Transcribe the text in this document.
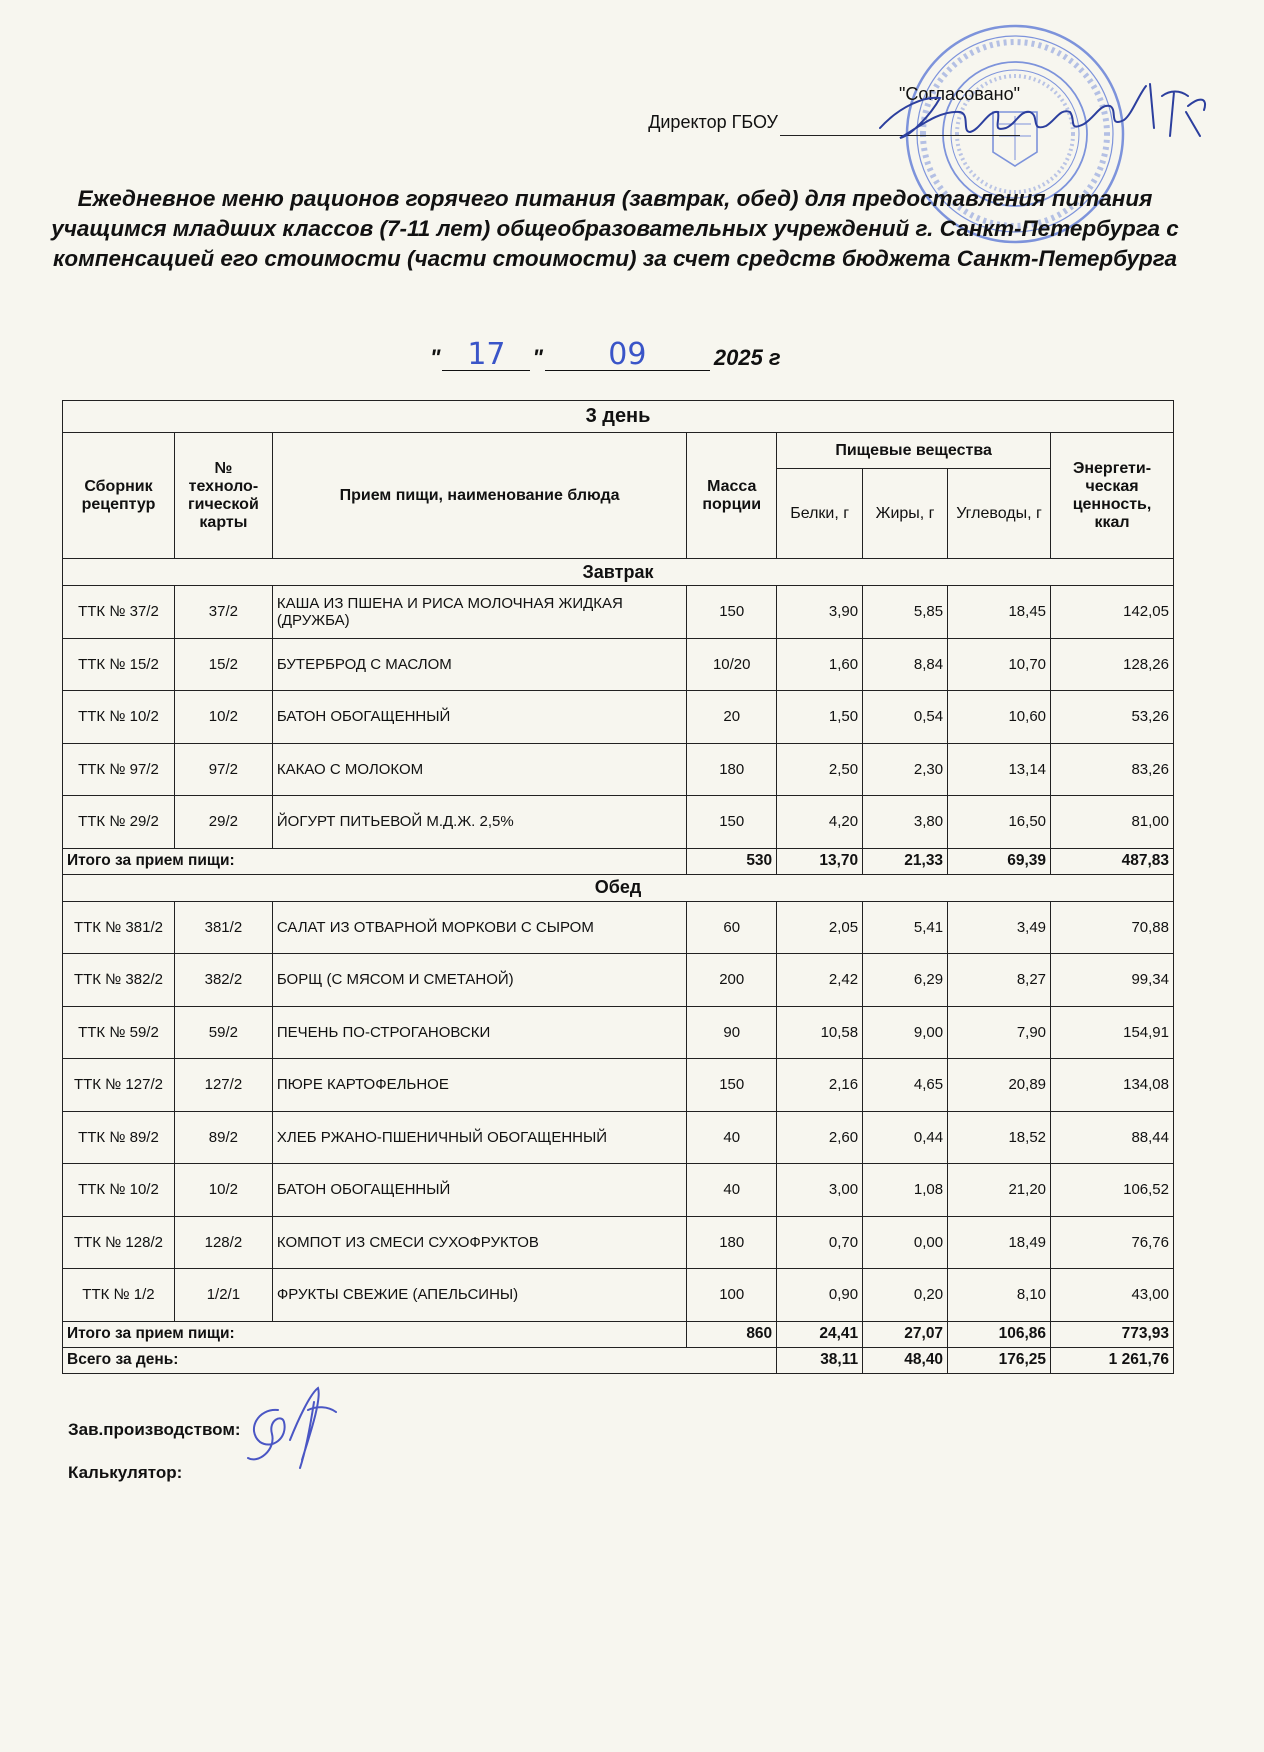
"Согласовано"
Директор ГБОУ
Ежедневное меню рационов горячего питания (завтрак, обед) для предоставления питания учащимся младших классов (7-11 лет) общеобразовательных учреждений г. Санкт-Петербурга с компенсацией его стоимости (части стоимости) за счет средств бюджета Санкт-Петербурга
" 17	"	09	2025 г
3 день							
Сборник рецептур	№ техноло-гической карты	Прием пищи, наименование блюда	Масса порции	Пищевые вещества			Энергети-ческая ценность, ккал
				Белки, г	Жиры, г	Углеводы, г	
Завтрак							
ТТК № 37/2	37/2	КАША ИЗ ПШЕНА И РИСА МОЛОЧНАЯ ЖИДКАЯ (ДРУЖБА)	150	3,90	5,85	18,45	142,05
ТТК № 15/2	15/2	БУТЕРБРОД С МАСЛОМ	10/20	1,60	8,84	10,70	128,26
ТТК № 10/2	10/2	БАТОН ОБОГАЩЕННЫЙ	20	1,50	0,54	10,60	53,26
ТТК № 97/2	97/2	КАКАО С МОЛОКОМ	180	2,50	2,30	13,14	83,26
ТТК № 29/2	29/2	ЙОГУРТ ПИТЬЕВОЙ М.Д.Ж. 2,5%	150	4,20	3,80	16,50	81,00
Итого за прием пищи:			530	13,70	21,33	69,39	487,83
Обед							
ТТК № 381/2	381/2	САЛАТ ИЗ ОТВАРНОЙ МОРКОВИ С СЫРОМ	60	2,05	5,41	3,49	70,88
ТТК № 382/2	382/2	БОРЩ (С МЯСОМ И СМЕТАНОЙ)	200	2,42	6,29	8,27	99,34
ТТК № 59/2	59/2	ПЕЧЕНЬ ПО-СТРОГАНОВСКИ	90	10,58	9,00	7,90	154,91
ТТК № 127/2	127/2	ПЮРЕ КАРТОФЕЛЬНОЕ	150	2,16	4,65	20,89	134,08
ТТК № 89/2	89/2	ХЛЕБ РЖАНО-ПШЕНИЧНЫЙ ОБОГАЩЕННЫЙ	40	2,60	0,44	18,52	88,44
ТТК № 10/2	10/2	БАТОН ОБОГАЩЕННЫЙ	40	3,00	1,08	21,20	106,52
ТТК № 128/2	128/2	КОМПОТ ИЗ СМЕСИ СУХОФРУКТОВ	180	0,70	0,00	18,49	76,76
ТТК № 1/2	1/2/1	ФРУКТЫ СВЕЖИЕ (АПЕЛЬСИНЫ)	100	0,90	0,20	8,10	43,00
Итого за прием пищи:			860	24,41	27,07	106,86	773,93
Всего за день:				38,11	48,40	176,25	1 261,76
Зав.производством:
Калькулятор:
